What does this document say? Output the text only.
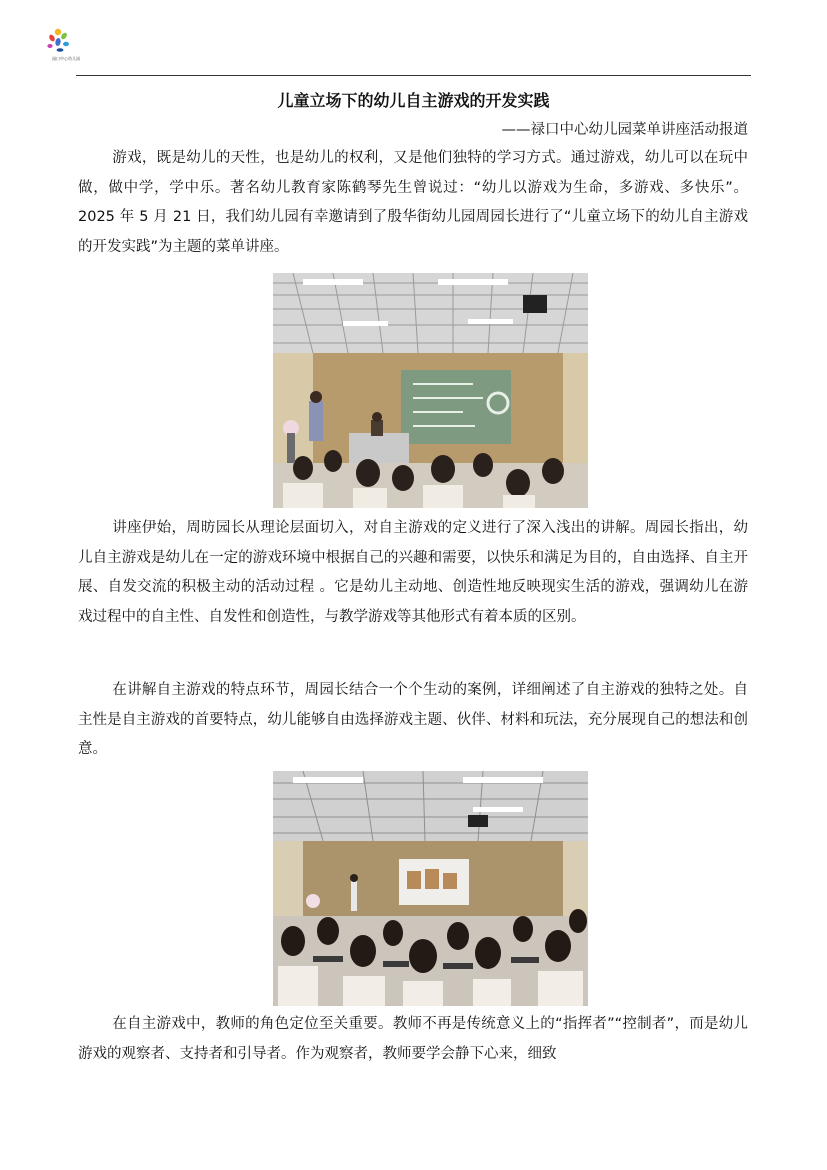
禄口中心幼儿园
儿童立场下的幼儿自主游戏的开发实践
——禄口中心幼儿园菜单讲座活动报道

游戏，既是幼儿的天性，也是幼儿的权利，又是他们独特的学习方式。通过游戏，幼儿可以在玩中做，做中学，学中乐。著名幼儿教育家陈鹤琴先生曾说过：“幼儿以游戏为生命，多游戏、多快乐”。2025 年 5 月 21 日，我们幼儿园有幸邀请到了殷华街幼儿园周园长进行了“儿童立场下的幼儿自主游戏的开发实践”为主题的菜单讲座。

讲座伊始，周昉园长从理论层面切入，对自主游戏的定义进行了深入浅出的讲解。周园长指出，幼儿自主游戏是幼儿在一定的游戏环境中根据自己的兴趣和需要，以快乐和满足为目的，自由选择、自主开展、自发交流的积极主动的活动过程 。它是幼儿主动地、创造性地反映现实生活的游戏，强调幼儿在游戏过程中的自主性、自发性和创造性，与教学游戏等其他形式有着本质的区别。

在讲解自主游戏的特点环节，周园长结合一个个生动的案例，详细阐述了自主游戏的独特之处。自主性是自主游戏的首要特点，幼儿能够自由选择游戏主题、伙伴、材料和玩法，充分展现自己的想法和创意。

在自主游戏中，教师的角色定位至关重要。教师不再是传统意义上的“指挥者”“控制者”，而是幼儿游戏的观察者、支持者和引导者。作为观察者，教师要学会静下心来，细致
